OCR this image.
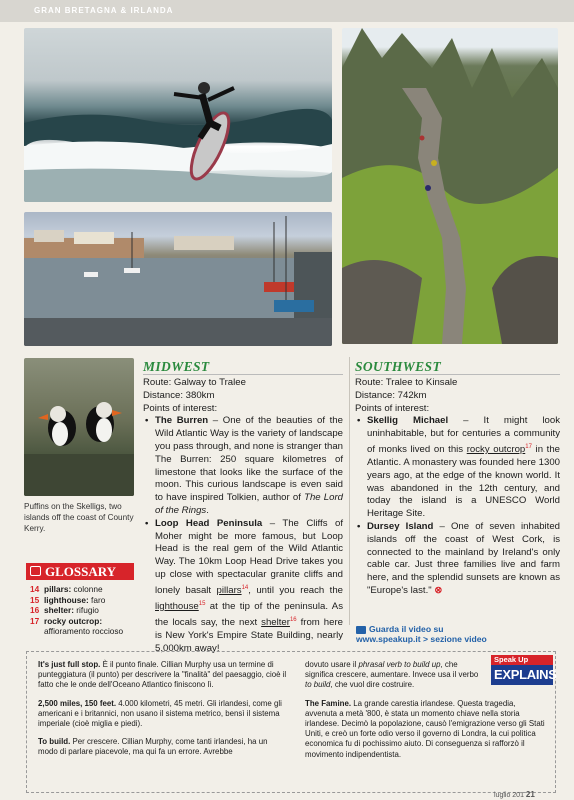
GRAN BRETAGNA & IRLANDA
Puffins on the Skelligs, two islands off the coast of County Kerry.
GLOSSARY
14 pillars: colonne
15 lighthouse: faro
16 shelter: rifugio
17 rocky outcrop:
affioramento roccioso
MIDWEST

Route: Galway to Tralee

Distance: 380km

Points of interest:

• The Burren – One of the beauties of the Wild Atlantic Way is the variety of landscape you pass through, and none is stranger than The Burren: 250 square kilometres of limestone that looks like the surface of the moon. This curious landscape is even said to have inspired Tolkien, author of The Lord of the Rings.
• Loop Head Peninsula – The Cliffs of Moher might be more famous, but Loop Head is the real gem of the Wild Atlantic Way. The 10km Loop Head Drive takes you up close with spectacular granite cliffs and lonely basalt pillars$^{14}$, until you reach the lighthouse$^{15}$ at the tip of the peninsula. As the locals say, the next shelter$^{16}$ from here is New York's Empire State Building, nearly 5,000km away!
SOUTHWEST

Route: Tralee to Kinsale

Distance: 742km

Points of interest:

• Skellig Michael – It might look uninhabitable, but for centuries a community of monks lived on this rocky outcrop$^{17}$ in the Atlantic. A monastery was founded here 1300 years ago, at the edge of the known world. It was abandoned in the 12th century, and today the island is a UNESCO World Heritage Site.
• Dursey Island – One of seven inhabited islands off the coast of West Cork, is connected to the mainland by Ireland's only cable car. Just three families live and farm here, and the splendid sunsets are known as "Europe's last." ⊗
Guarda il video su
www.speakup.it > sezione video
Speak Up
EXPLAINS

It's just full stop. È il punto finale. Cillian Murphy usa un termine di punteggiatura (il punto) per descrivere la "finalità" del paesaggio, cioè il fatto che le onde dell'Oceano Atlantico finiscono lì.

2,500 miles, 150 feet. 4.000 kilometri, 45 metri. Gli irlandesi, come gli americani e i britannici, non usano il sistema metrico, bensì il sistema imperiale (cioè miglia e piedi).

To build. Per crescere. Cillian Murphy, come tanti irlandesi, ha un modo di parlare piacevole, ma qui fa un errore. Avrebbe

dovuto usare il phrasal verb to build up, che significa crescere, aumentare. Invece usa il verbo to build, che vuol dire costruire.

The Famine. La grande carestia irlandese. Questa tragedia, avvenuta a metà '800, è stata un momento chiave nella storia irlandese. Decimò la popolazione, causò l'emigrazione verso gli Stati Uniti, e creò un forte odio verso il governo di Londra, la cui politica economica fu di pochissimo aiuto. Di conseguenza si rafforzò il movimento indipendentista.

luglio 201 21
